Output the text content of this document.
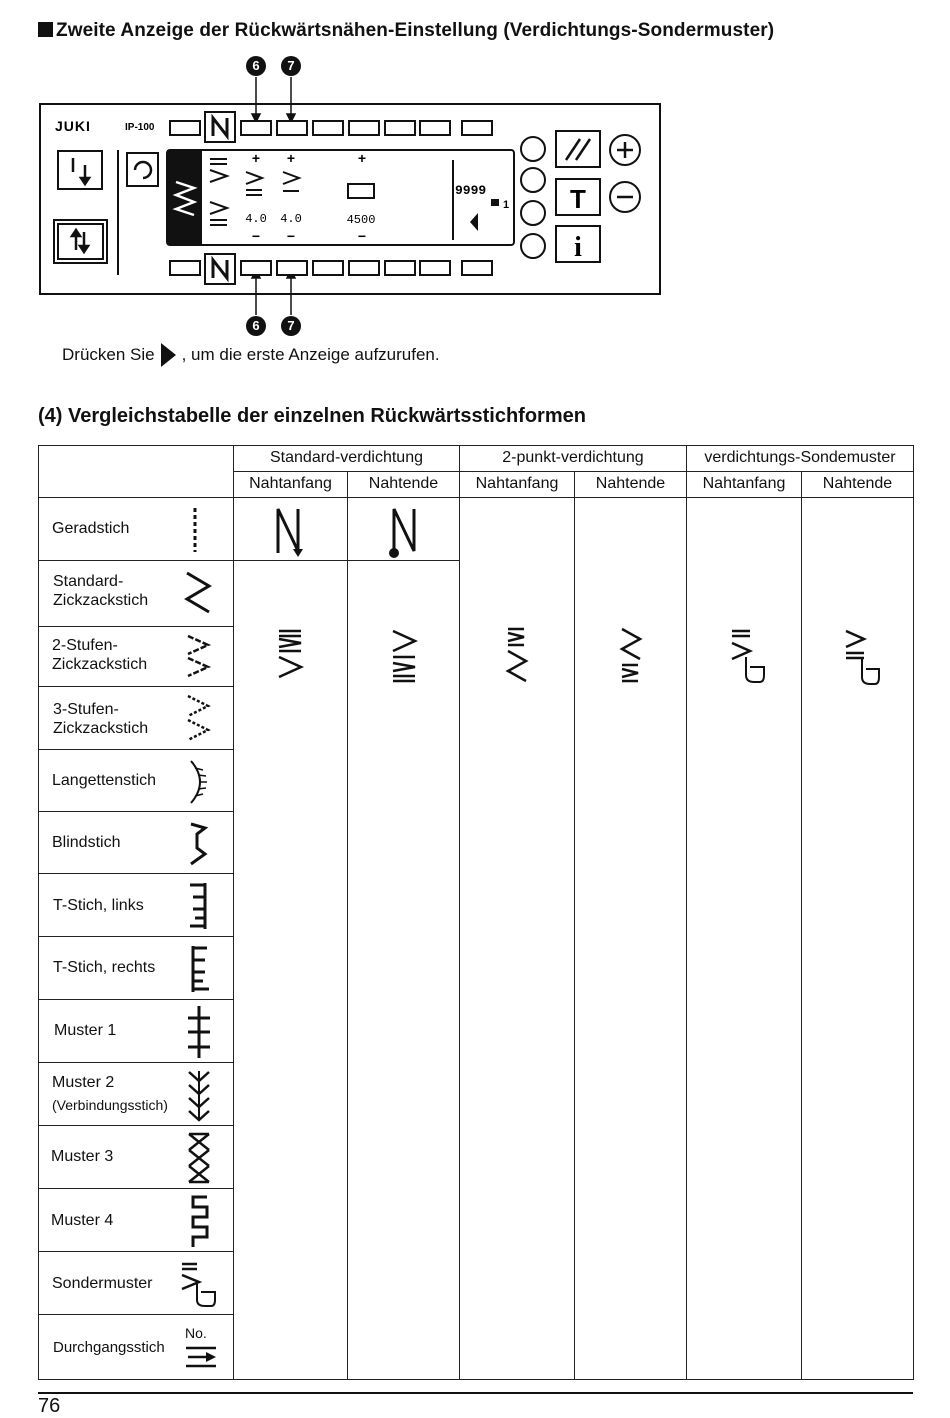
Zweite Anzeige der Rückwärtsnähen-Einstellung (Verdichtungs-Sondermuster)
6	7
6	7
JUKI	IP-100
+ +	+
− −	−
4.0 4.0	4500
9999
1 T
i
Drücken Sie , um die erste Anzeige aufzurufen.
(4) Vergleichstabelle der einzelnen Rückwärtsstichformen
Standard-verdichtung	2-punkt-verdichtung	verdichtungs-Sondemuster
Nahtanfang	Nahtende	Nahtanfang	Nahtende	Nahtanfang	Nahtende
Geradstich
Standard-
Zickzackstich
2-Stufen-
Zickzackstich
3-Stufen-
Zickzackstich
Langettenstich
Blindstich
T-Stich, links
T-Stich, rechts
Muster 1
Muster 2
(Verbindungsstich)
Muster 3
Muster 4
Sondermuster
Durchgangsstich
No.
76
